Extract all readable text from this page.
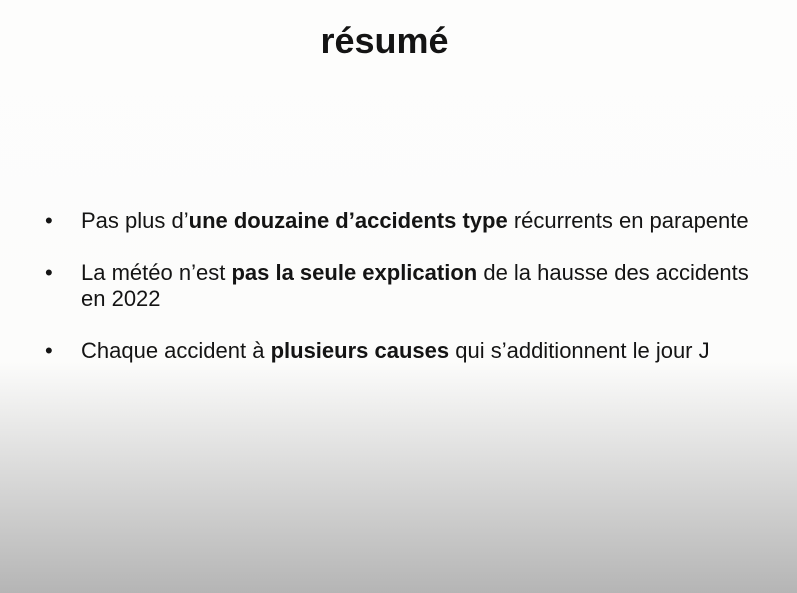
résumé
• Pas plus d’une douzaine d’accidents type récurrents en parapente
• La météo n’est pas la seule explication de la hausse des accidents
en 2022
• Chaque accident à plusieurs causes qui s’additionnent le jour J
